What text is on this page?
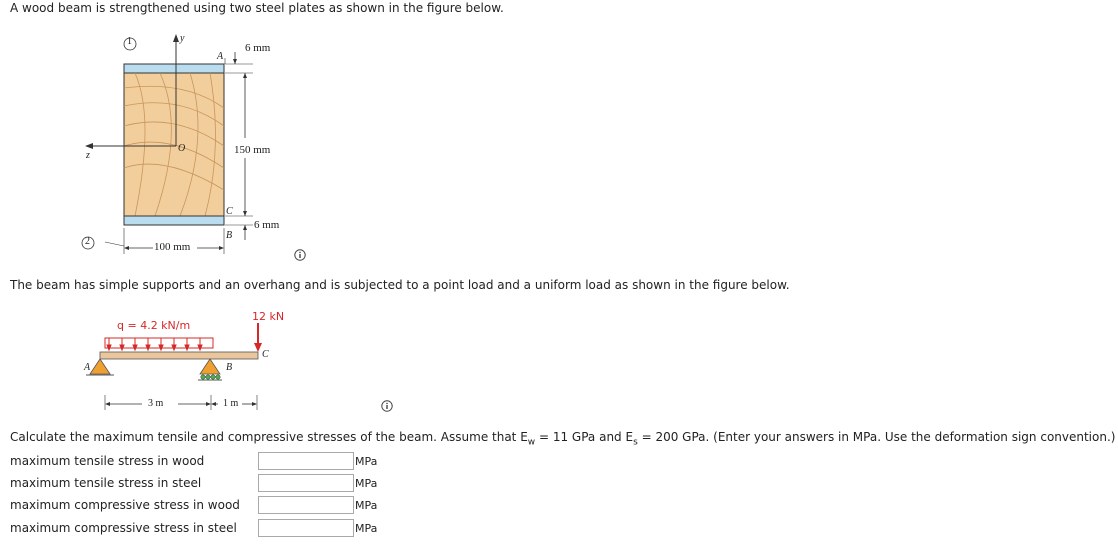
A wood beam is strengthened using two steel plates as shown in the figure below.
1	y
A
6 mm
O	150 mm
z
C
6 mm
B
2	100 mm
The beam has simple supports and an overhang and is subjected to a point load and a uniform load as shown in the figure below.
12 kN
q = 4.2 kN/m
C
B
A
3 m	1 m
Calculate the maximum tensile and compressive stresses of the beam. Assume that $E_w = 11$ GPa and $E_s = 200$ GPa. (Enter your answers in MPa. Use the deformation sign convention.)
maximum tensile stress in wood	MPa
maximum tensile stress in steel	MPa
maximum compressive stress in wood	MPa
maximum compressive stress in steel	MPa
